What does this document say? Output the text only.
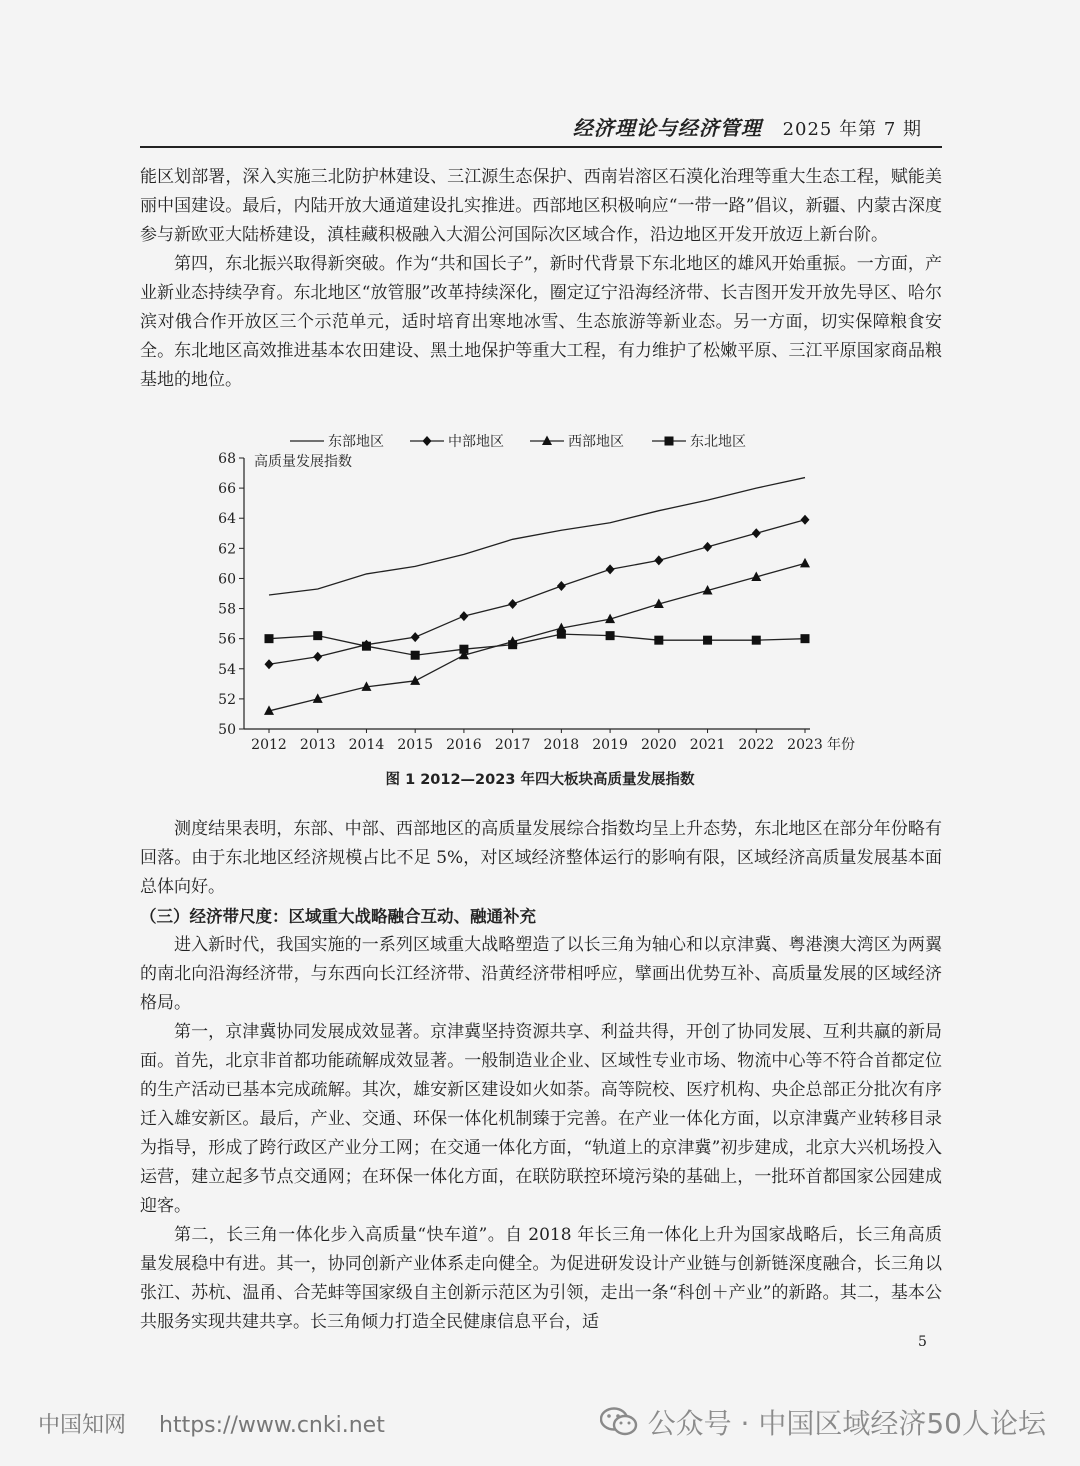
经济理论与经济管理 2025 年第 7 期

能区划部署，深入实施三北防护林建设、三江源生态保护、西南岩溶区石漠化治理等重大生态工程，赋能美丽中国建设。最后，内陆开放大通道建设扎实推进。西部地区积极响应“一带一路”倡议，新疆、内蒙古深度参与新欧亚大陆桥建设，滇桂藏积极融入大湄公河国际次区域合作，沿边地区开发开放迈上新台阶。

第四，东北振兴取得新突破。作为“共和国长子”，新时代背景下东北地区的雄风开始重振。一方面，产业新业态持续孕育。东北地区“放管服”改革持续深化，圈定辽宁沿海经济带、长吉图开发开放先导区、哈尔滨对俄合作开放区三个示范单元，适时培育出寒地冰雪、生态旅游等新业态。另一方面，切实保障粮食安全。东北地区高效推进基本农田建设、黑土地保护等重大工程，有力维护了松嫩平原、三江平原国家商品粮基地的地位。

50
52
54
56
58
60
62
64
66
68 高质量发展指数
2012 2013 2014 2015 2016 2017 2018 2019 2020 2021 2022 2023 年份
东部地区	中部地区	西部地区	东北地区
图 1 2012—2023 年四大板块高质量发展指数

测度结果表明，东部、中部、西部地区的高质量发展综合指数均呈上升态势，东北地区在部分年份略有回落。由于东北地区经济规模占比不足 5%，对区域经济整体运行的影响有限，区域经济高质量发展基本面总体向好。

（三）经济带尺度：区域重大战略融合互动、融通补充

进入新时代，我国实施的一系列区域重大战略塑造了以长三角为轴心和以京津冀、粤港澳大湾区为两翼的南北向沿海经济带，与东西向长江经济带、沿黄经济带相呼应，擘画出优势互补、高质量发展的区域经济格局。

第一，京津冀协同发展成效显著。京津冀坚持资源共享、利益共得，开创了协同发展、互利共赢的新局面。首先，北京非首都功能疏解成效显著。一般制造业企业、区域性专业市场、物流中心等不符合首都定位的生产活动已基本完成疏解。其次，雄安新区建设如火如荼。高等院校、医疗机构、央企总部正分批次有序迁入雄安新区。最后，产业、交通、环保一体化机制臻于完善。在产业一体化方面，以京津冀产业转移目录为指导，形成了跨行政区产业分工网；在交通一体化方面，“轨道上的京津冀”初步建成，北京大兴机场投入运营，建立起多节点交通网；在环保一体化方面，在联防联控环境污染的基础上，一批环首都国家公园建成迎客。

第二，长三角一体化步入高质量“快车道”。自 2018 年长三角一体化上升为国家战略后，长三角高质量发展稳中有进。其一，协同创新产业体系走向健全。为促进研发设计产业链与创新链深度融合，长三角以张江、苏杭、温甬、合芜蚌等国家级自主创新示范区为引领，走出一条“科创＋产业”的新路。其二，基本公共服务实现共建共享。长三角倾力打造全民健康信息平台，适

5
中国知网 https://www.cnki.net	公众号 · 中国区域经济50人论坛
